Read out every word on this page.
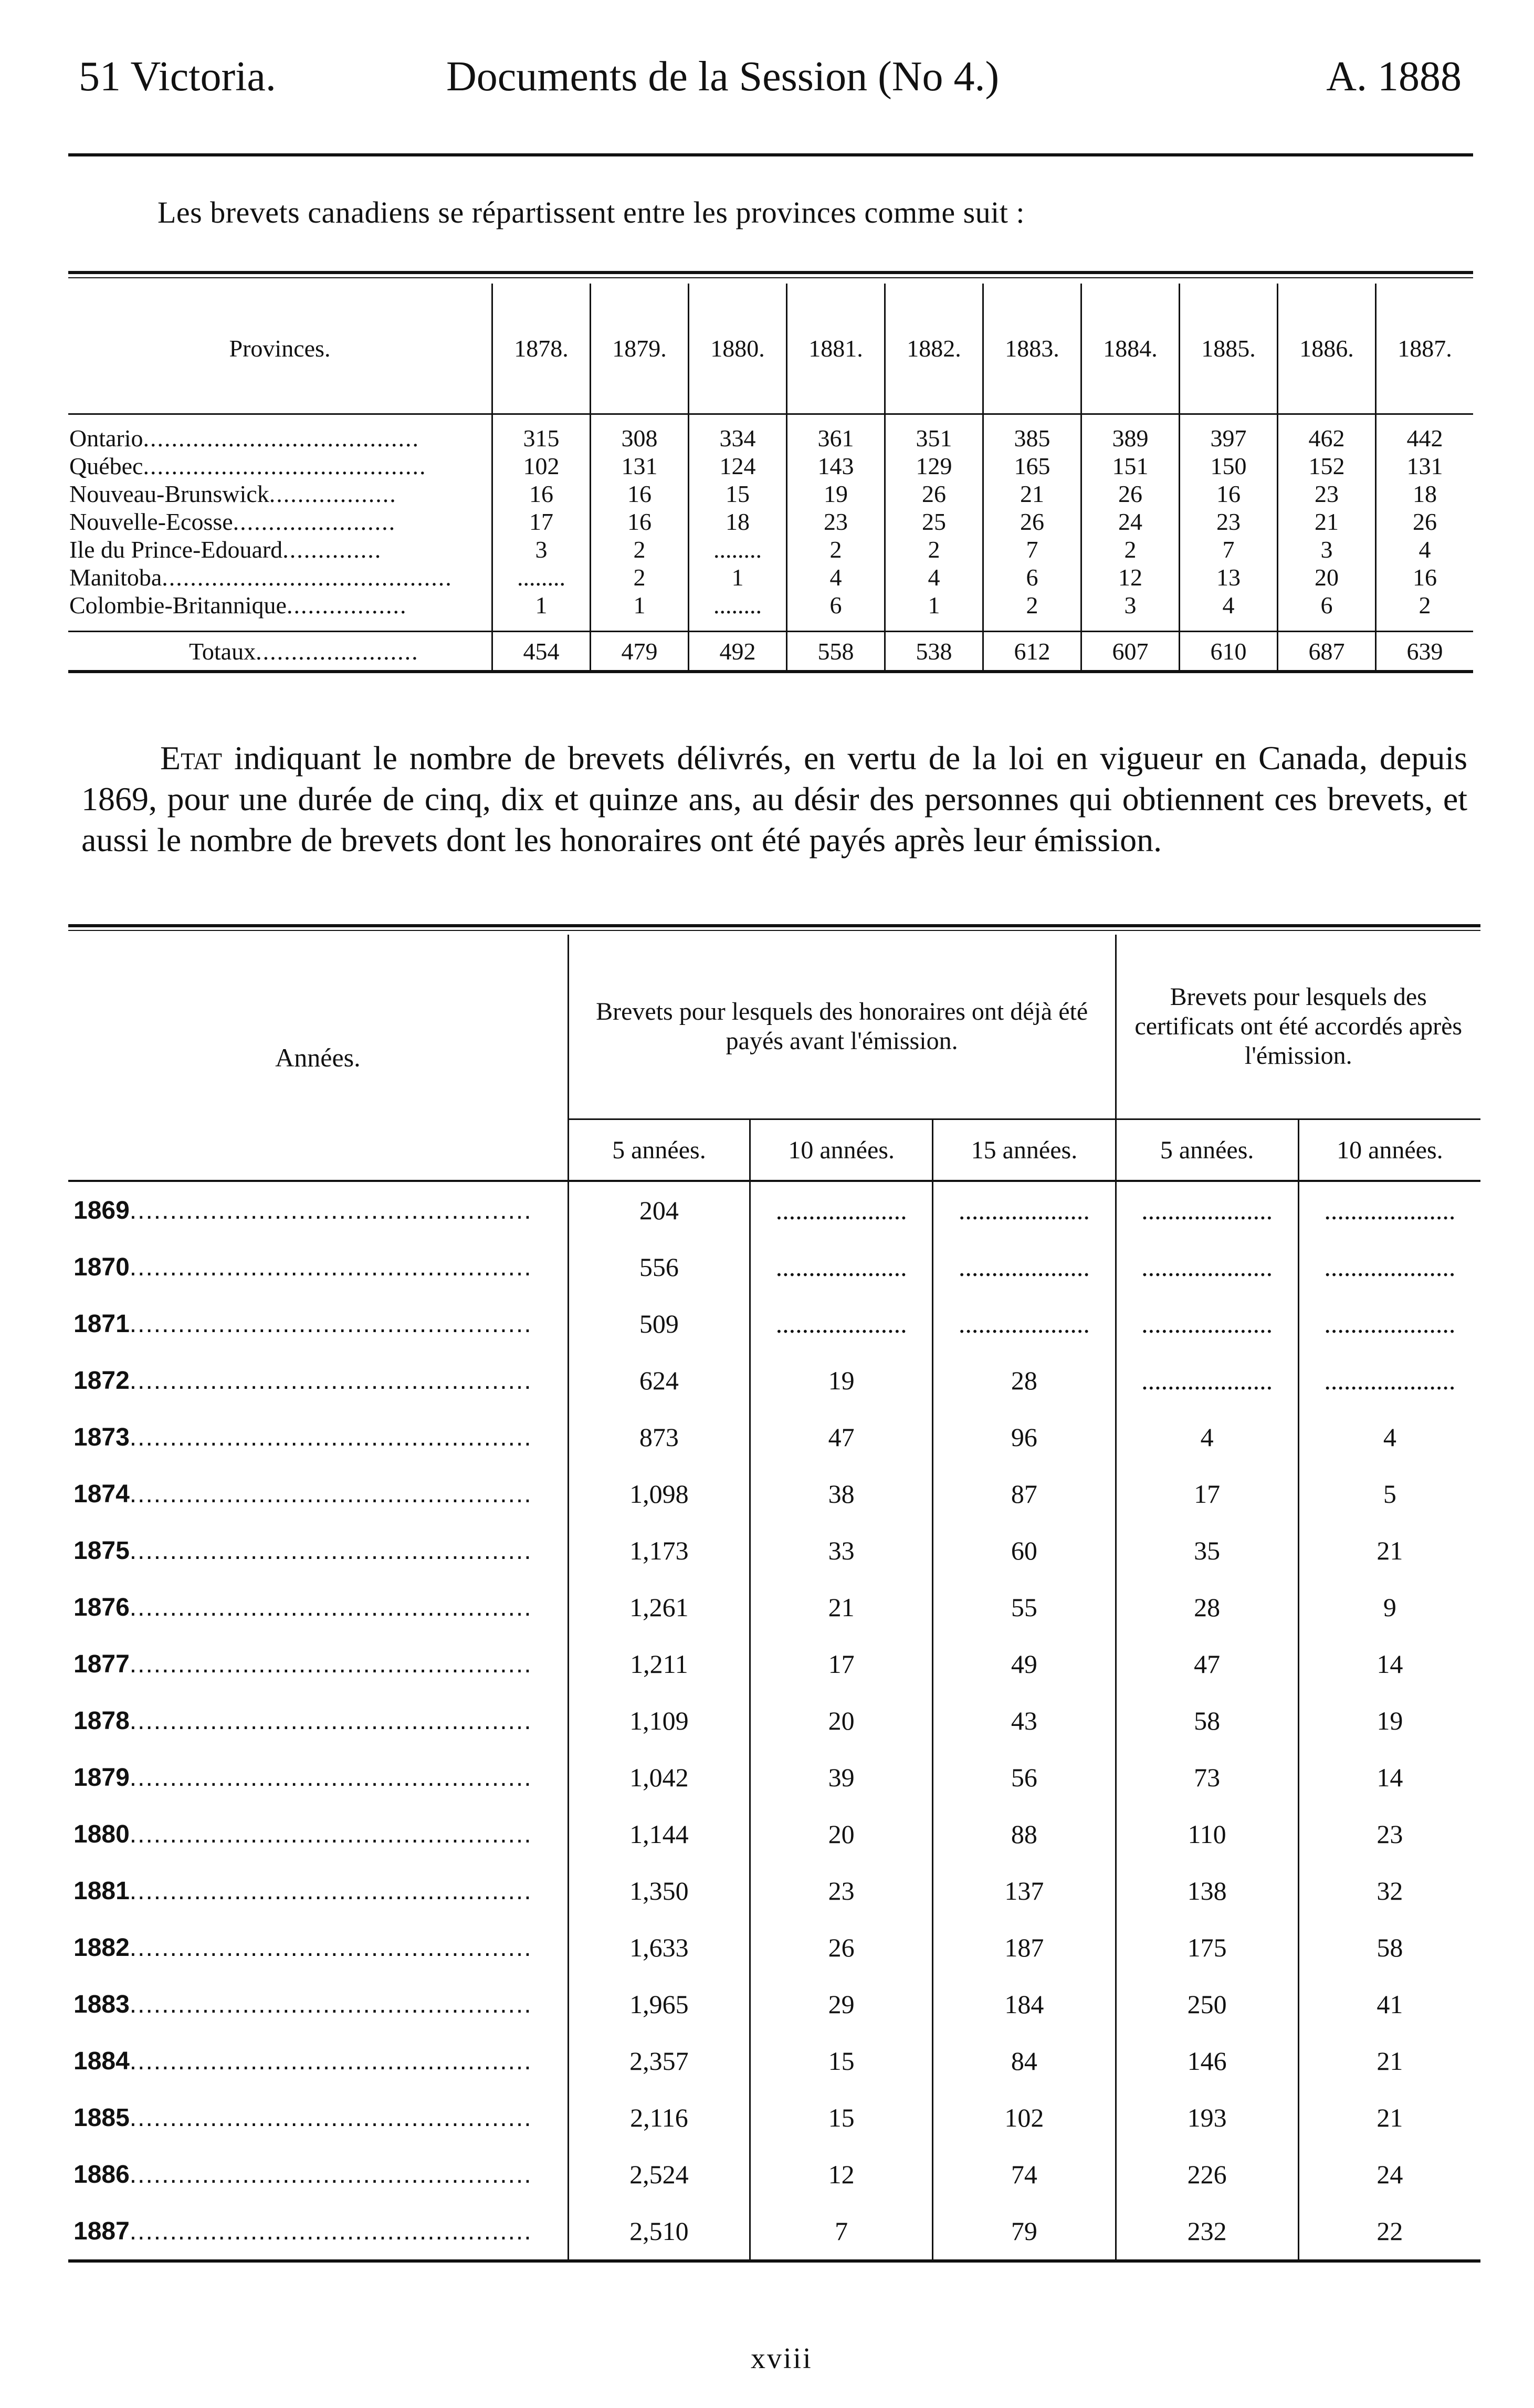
51 Victoria.	Documents de la Session (No 4.)	A. 1888
Les brevets canadiens se répartissent entre les provinces comme suit :
Provinces.	1878.	1879.	1880.	1881.	1882.	1883.	1884.	1885.	1886.	1887.
Ontario.......................................	315	308	334	361	351	385	389	397	462	442
Québec........................................	102	131	124	143	129	165	151	150	152	131
Nouveau-Brunswick..................	16	16	15	19	26	21	26	16	23	18
Nouvelle-Ecosse.......................	17	16	18	23	25	26	24	23	21	26
Ile du Prince-Edouard..............	3	2	........	2	2	7	2	7	3	4
Manitoba.........................................	........	2	1	4	4	6	12	13	20	16
Colombie-Britannique.................	1	1	........	6	1	2	3	4	6	2

Totaux.......................	454	479	492	558	538	612	607	610	687	639

Etat indiquant le nombre de brevets délivrés, en vertu de la loi en vigueur en Canada, depuis 1869, pour une durée de cinq, dix et quinze ans, au désir des personnes qui obtiennent ces brevets, et aussi le nombre de brevets dont les honoraires ont été payés après leur émission.

Années.	Brevets pour lesquels des honoraires ont déjà été payés avant l'émission.			Brevets pour lesquels des certificats ont été accordés après l'émission.	
	5 années.	10 années.	15 années.	5 années.	10 années.
1869..................................................	204	....................	....................	....................	....................
1870..................................................	556	....................	....................	....................	....................
1871..................................................	509	....................	....................	....................	....................
1872..................................................	624	19	28	....................	....................
1873..................................................	873	47	96	4	4
1874..................................................	1,098	38	87	17	5
1875..................................................	1,173	33	60	35	21
1876..................................................	1,261	21	55	28	9
1877..................................................	1,211	17	49	47	14
1878..................................................	1,109	20	43	58	19
1879..................................................	1,042	39	56	73	14
1880..................................................	1,144	20	88	110	23
1881..................................................	1,350	23	137	138	32
1882..................................................	1,633	26	187	175	58
1883..................................................	1,965	29	184	250	41
1884..................................................	2,357	15	84	146	21
1885..................................................	2,116	15	102	193	21
1886..................................................	2,524	12	74	226	24
1887..................................................	2,510	7	79	232	22
xviii
